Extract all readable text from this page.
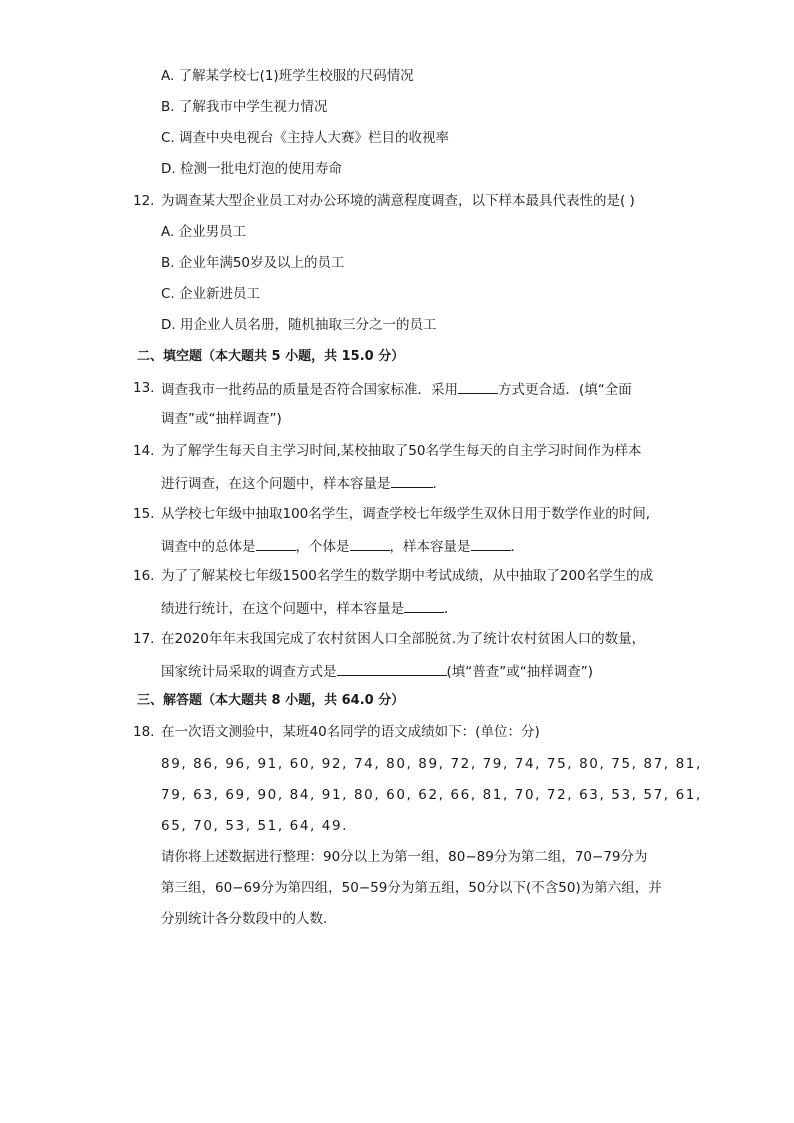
A. 了解某学校七(1)班学生校服的尺码情况
B. 了解我市中学生视力情况
C. 调查中央电视台《主持人大赛》栏目的收视率
D. 检测一批电灯泡的使用寿命
12. 为调查某大型企业员工对办公环境的满意程度调查，以下样本最具代表性的是( )
A. 企业男员工
B. 企业年满50岁及以上的员工
C. 企业新进员工
D. 用企业人员名册，随机抽取三分之一的员工
二、填空题（本大题共 5 小题，共 15.0 分）
13. 调查我市一批药品的质量是否符合国家标准．采用	方式更合适．(填“全面
调查”或“抽样调查”)
14. 为了解学生每天自主学习时间,某校抽取了50名学生每天的自主学习时间作为样本
进行调查，在这个问题中，样本容量是	．
15. 从学校七年级中抽取100名学生，调查学校七年级学生双休日用于数学作业的时间,
调查中的总体是	，个体是	，样本容量是	．
16. 为了了解某校七年级1500名学生的数学期中考试成绩，从中抽取了200名学生的成
绩进行统计，在这个问题中，样本容量是	．
17. 在2020年年末我国完成了农村贫困人口全部脱贫.为了统计农村贫困人口的数量，
国家统计局采取的调查方式是	(填“普查”或“抽样调查”)
三、解答题（本大题共 8 小题，共 64.0 分）
18. 在一次语文测验中，某班40名同学的语文成绩如下：(单位：分)
89, 86, 96, 91, 60, 92, 74, 80, 89, 72, 79, 74, 75, 80, 75, 87, 81,
79, 63, 69, 90, 84, 91, 80, 60, 62, 66, 81, 70, 72, 63, 53, 57, 61,
65, 70, 53, 51, 64, 49.
请你将上述数据进行整理：90分以上为第一组，80−89分为第二组，70−79分为
第三组，60−69分为第四组，50−59分为第五组，50分以下(不含50)为第六组，并
分别统计各分数段中的人数．
